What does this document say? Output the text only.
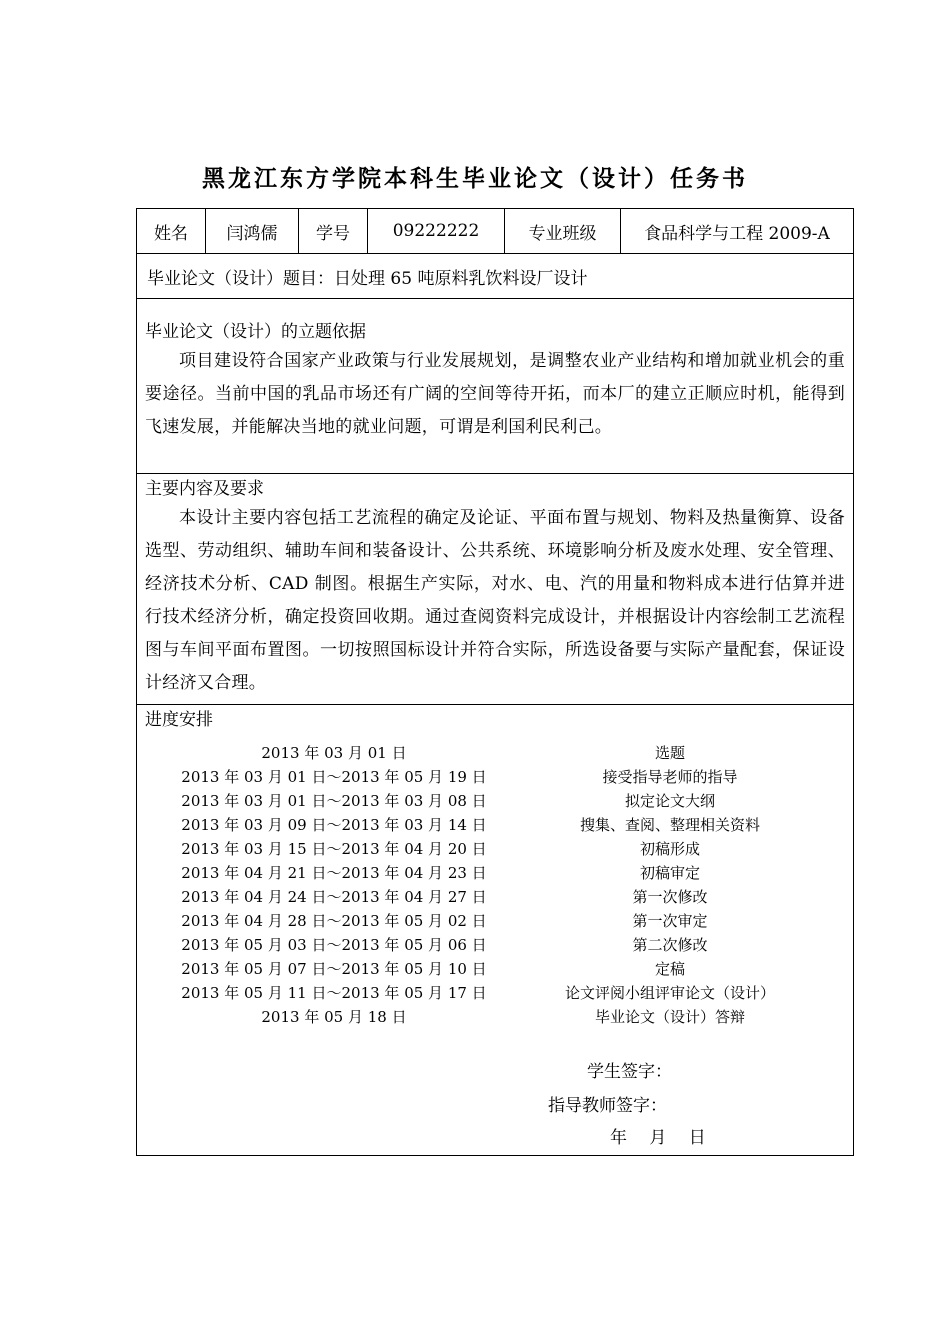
黑龙江东方学院本科生毕业论文（设计）任务书
姓名	闫鸿儒	学号	09222222	专业班级	食品科学与工程 2009-A
毕业论文（设计）题目：日处理 65 吨原料乳饮料设厂设计
毕业论文（设计）的立题依据
项目建设符合国家产业政策与行业发展规划，是调整农业产业结构和增加就业机会的重要途径。当前中国的乳品市场还有广阔的空间等待开拓，而本厂的建立正顺应时机，能得到飞速发展，并能解决当地的就业问题，可谓是利国利民利己。
主要内容及要求
本设计主要内容包括工艺流程的确定及论证、平面布置与规划、物料及热量衡算、设备选型、劳动组织、辅助车间和装备设计、公共系统、环境影响分析及废水处理、安全管理、经济技术分析、CAD 制图。根据生产实际，对水、电、汽的用量和物料成本进行估算并进行技术经济分析，确定投资回收期。通过查阅资料完成设计，并根据设计内容绘制工艺流程图与车间平面布置图。一切按照国标设计并符合实际，所选设备要与实际产量配套，保证设计经济又合理。
进度安排
2013 年 03 月 01 日	选题
2013 年 03 月 01 日～2013 年 05 月 19 日	接受指导老师的指导
2013 年 03 月 01 日～2013 年 03 月 08 日	拟定论文大纲
2013 年 03 月 09 日～2013 年 03 月 14 日	搜集、查阅、整理相关资料
2013 年 03 月 15 日～2013 年 04 月 20 日	初稿形成
2013 年 04 月 21 日～2013 年 04 月 23 日	初稿审定
2013 年 04 月 24 日～2013 年 04 月 27 日	第一次修改
2013 年 04 月 28 日～2013 年 05 月 02 日	第一次审定
2013 年 05 月 03 日～2013 年 05 月 06 日	第二次修改
2013 年 05 月 07 日～2013 年 05 月 10 日	定稿
2013 年 05 月 11 日～2013 年 05 月 17 日	论文评阅小组评审论文（设计）
2013 年 05 月 18 日	毕业论文（设计）答辩
学生签字：
指导教师签字：
年　 月　 日
